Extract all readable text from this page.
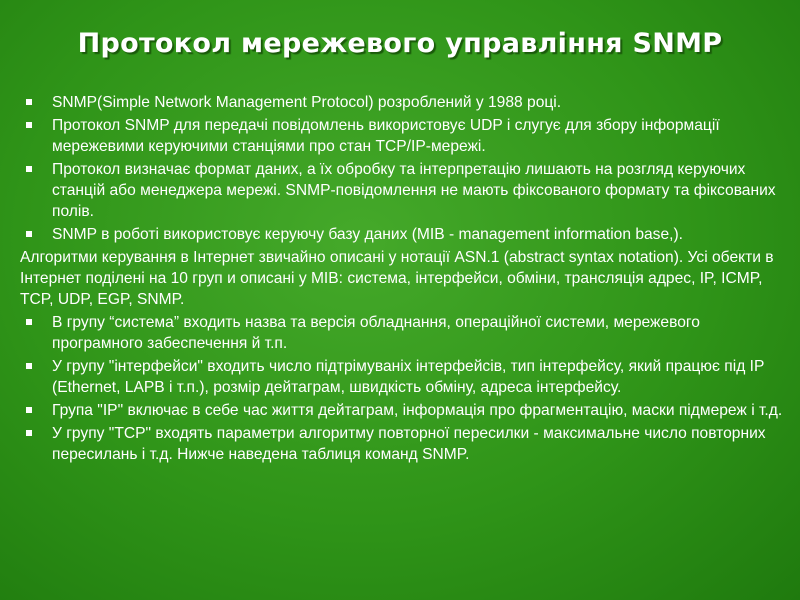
Протокол мережевого управління SNMP
SNMP(Simple Network Management Protocol) розроблений у 1988 році.
Протокол SNMP для передачі повідомлень використовує UDP і слугує для збору інформації мережевими керуючими станціями про стан TCP/IP-мережі.
Протокол визначає формат даних, а їх обробку та інтерпретацію лишають на розгляд керуючих станцій або менеджера мережі. SNMP-повідомлення не мають фіксованого формату та фіксованих полів.
SNMP в роботі використовує керуючу базу даних (MIB - management information base,).
Алгоритми керування в Інтернет звичайно описані у нотації ASN.1 (abstract syntax notation). Усі обекти в Інтернет поділені на 10 груп и описані у MIB: система, інтерфейси, обміни, трансляція адрес, IP, ICMP, TCP, UDP, EGP, SNMP.
В групу “система” входить назва та версія обладнання, операційної системи, мережевого програмного забеспечення й т.п.
У групу "інтерфейси" входить число підтрімуваніх інтерфейсів, тип інтерфейсу, який працює під IP (Ethernet, LAPB і т.п.), розмір дейтаграм, швидкість обміну, адреса інтерфейсу.
Група "IP" включає в себе час життя дейтаграм, інформація про фрагментацію, маски підмереж і т.д.
У групу "TCP" входять параметри алгоритму повторної пересилки - максимальне число повторних пересилань і т.д. Нижче наведена таблиця команд SNMP.
